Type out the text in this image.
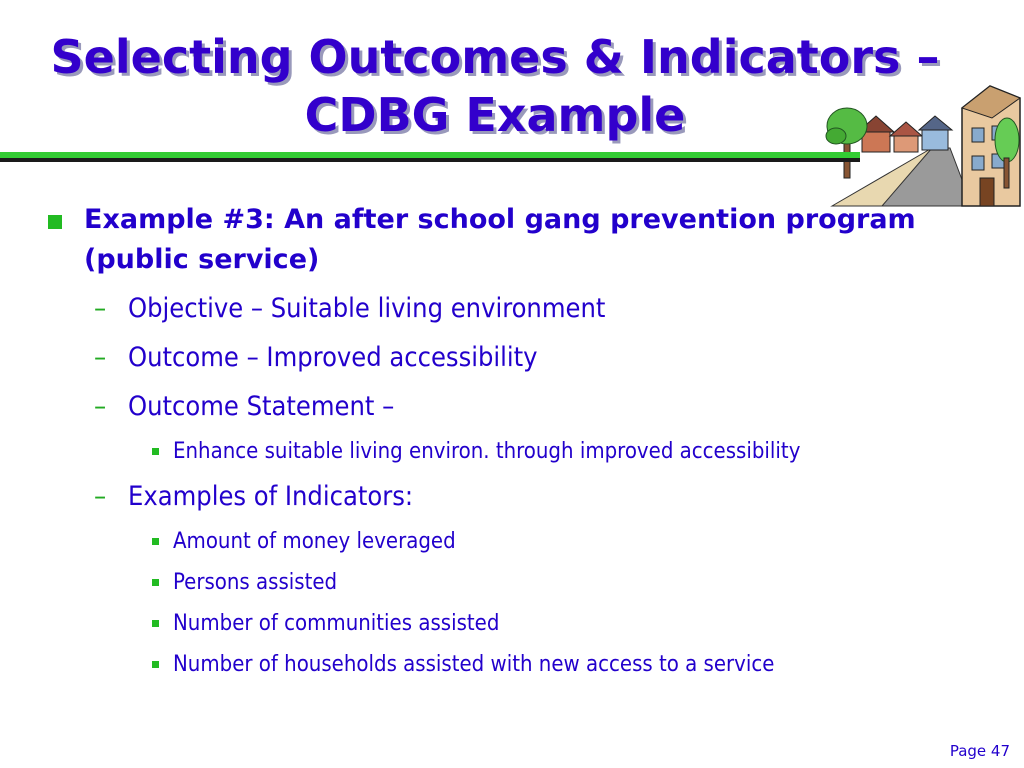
Selecting Outcomes & Indicators –
CDBG Example
Example #3: An after school gang prevention program (public service)
– Objective – Suitable living environment
– Outcome – Improved accessibility
– Outcome Statement –
Enhance suitable living environ. through improved accessibility
– Examples of Indicators:
Amount of money leveraged
Persons assisted
Number of communities assisted
Number of households assisted with new access to a service
Page 47
